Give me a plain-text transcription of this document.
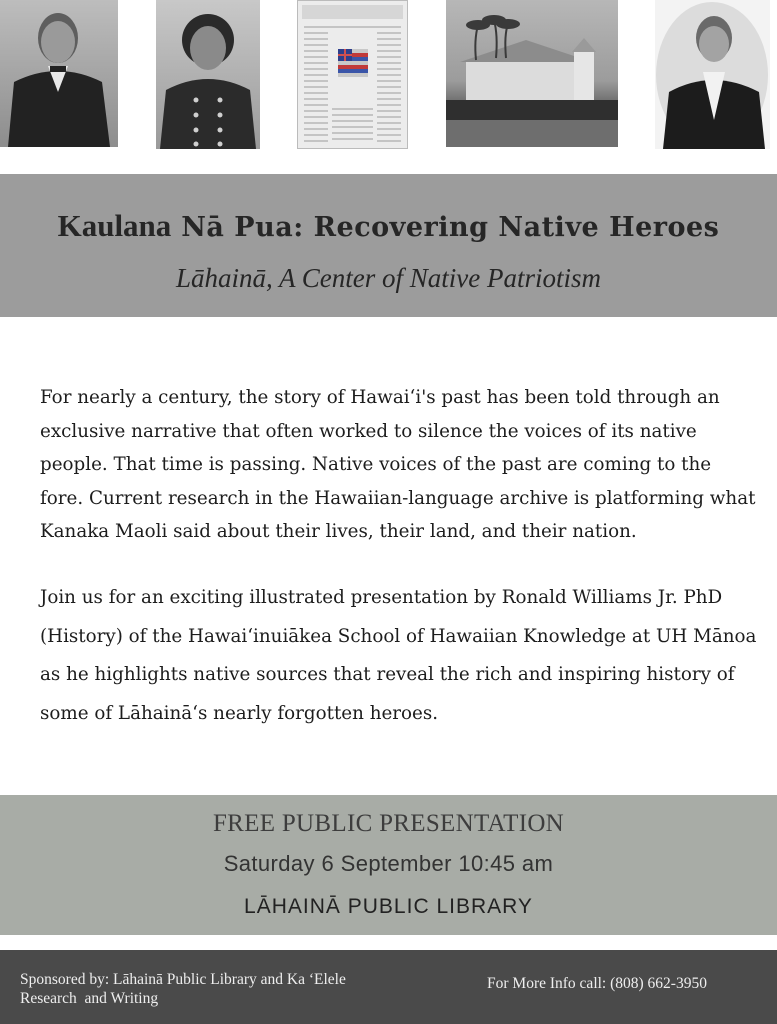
Kaulana Nā Pua: Recovering Native Heroes

Lāhainā, A Center of Native Patriotism

For nearly a century, the story of Hawaiʻi's past has been told through an exclusive narrative that often worked to silence the voices of its native people. That time is passing. Native voices of the past are coming to the fore. Current research in the Hawaiian-language archive is platforming what Kanaka Maoli said about their lives, their land, and their nation.

Join us for an exciting illustrated presentation by Ronald Williams Jr. PhD (History) of the Hawaiʻinuiākea School of Hawaiian Knowledge at UH Mānoa as he highlights native sources that reveal the rich and inspiring history of some of Lāhainā‘s nearly forgotten heroes.

FREE PUBLIC PRESENTATION

Saturday 6 September 10:45 am

LĀHAINĀ PUBLIC LIBRARY

Sponsored by: Lāhainā Public Library and Ka ‘Elele
Research  and Writing

For More Info call: (808) 662-3950
